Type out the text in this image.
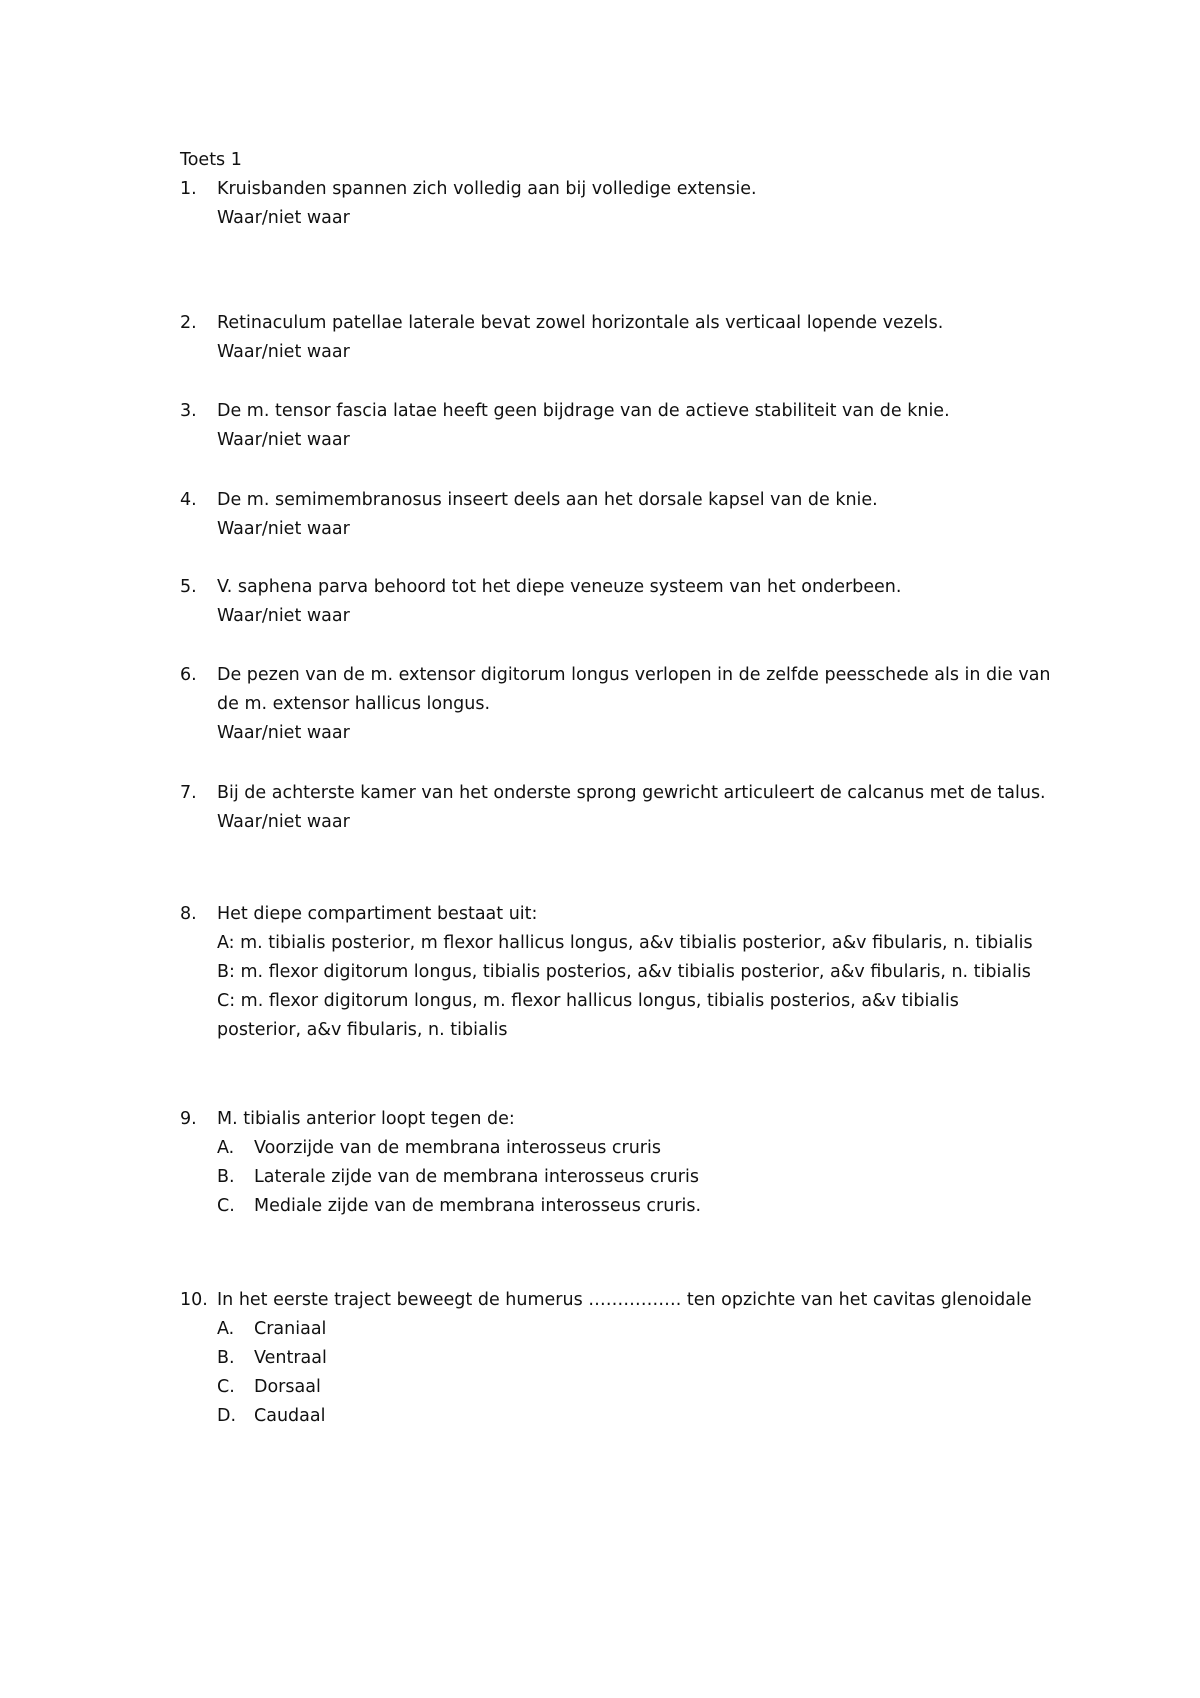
Toets 1
1.	Kruisbanden spannen zich volledig aan bij volledige extensie.
Waar/niet waar
2.	Retinaculum patellae laterale bevat zowel horizontale als verticaal lopende vezels.
Waar/niet waar
3.	De m. tensor fascia latae heeft geen bijdrage van de actieve stabiliteit van de knie.
Waar/niet waar
4.	De m. semimembranosus inseert deels aan het dorsale kapsel van de knie.
Waar/niet waar
5.	V. saphena parva behoord tot het diepe veneuze systeem van het onderbeen.
Waar/niet waar
6.	De pezen van de m. extensor digitorum longus verlopen in de zelfde peesschede als in die van
de m. extensor hallicus longus.
Waar/niet waar
7.	Bij de achterste kamer van het onderste sprong gewricht articuleert de calcanus met de talus.
Waar/niet waar
8.	Het diepe compartiment bestaat uit:
A: m. tibialis posterior, m flexor hallicus longus, a&v tibialis posterior, a&v fibularis, n. tibialis
B: m. flexor digitorum longus, tibialis posterios, a&v tibialis posterior, a&v fibularis, n. tibialis
C: m. flexor digitorum longus, m. flexor hallicus longus, tibialis posterios, a&v tibialis
posterior, a&v fibularis, n. tibialis
9.	M. tibialis anterior loopt tegen de:
A.	Voorzijde van de membrana interosseus cruris
B.	Laterale zijde van de membrana interosseus cruris
C.	Mediale zijde van de membrana interosseus cruris.
10. In het eerste traject beweegt de humerus ……………. ten opzichte van het cavitas glenoidale
A.	Craniaal
B.	Ventraal
C.	Dorsaal
D.	Caudaal
